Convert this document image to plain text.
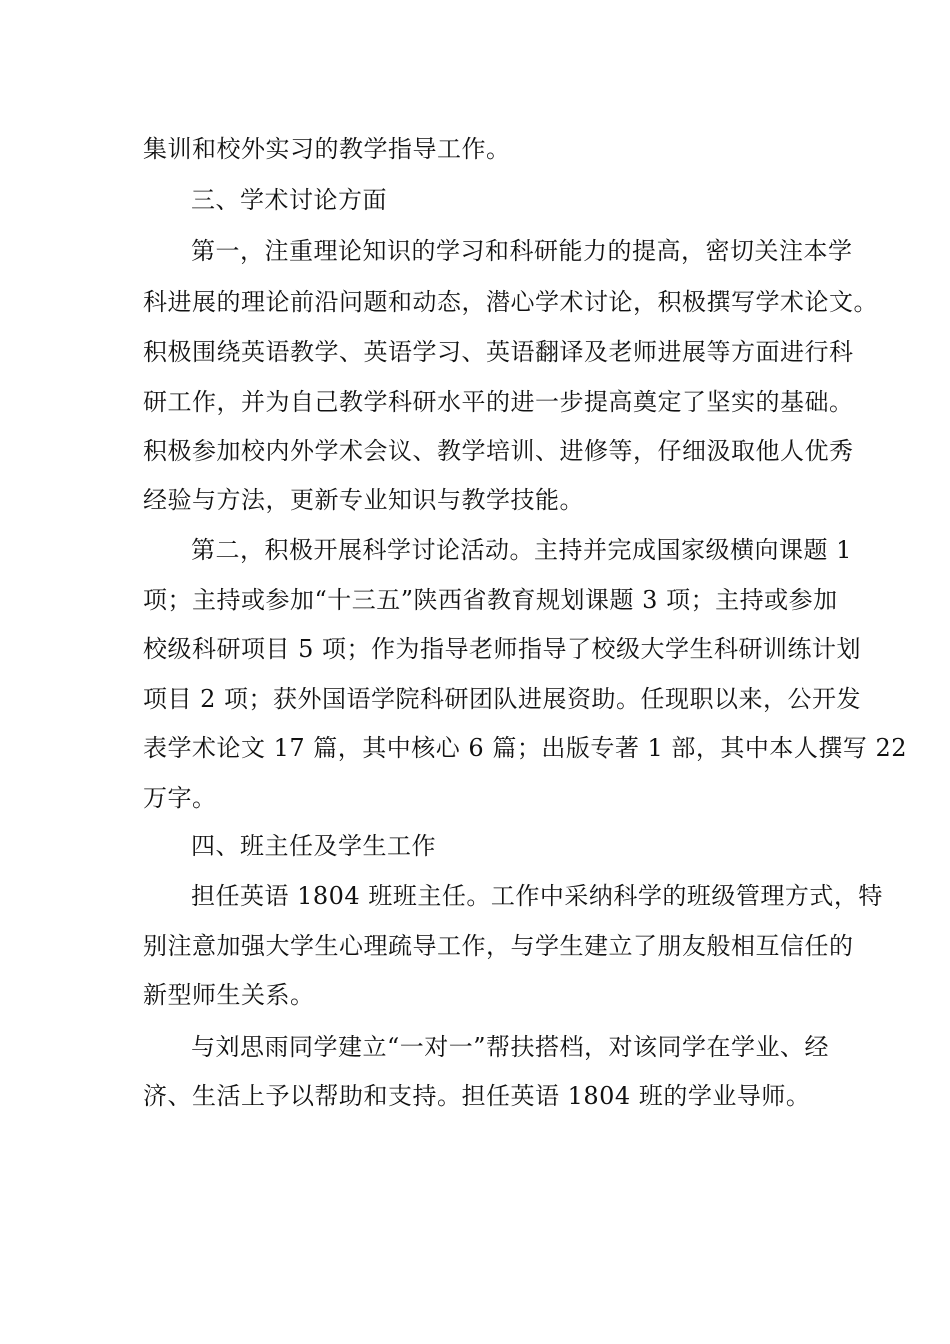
集训和校外实习的教学指导工作。
三、学术讨论方面
第一，注重理论知识的学习和科研能力的提高，密切关注本学
科进展的理论前沿问题和动态，潜心学术讨论，积极撰写学术论文。
积极围绕英语教学、英语学习、英语翻译及老师进展等方面进行科
研工作，并为自己教学科研水平的进一步提高奠定了坚实的基础。
积极参加校内外学术会议、教学培训、进修等，仔细汲取他人优秀
经验与方法，更新专业知识与教学技能。
第二，积极开展科学讨论活动。主持并完成国家级横向课题 1
项；主持或参加“十三五”陕西省教育规划课题 3 项；主持或参加
校级科研项目 5 项；作为指导老师指导了校级大学生科研训练计划
项目 2 项；获外国语学院科研团队进展资助。任现职以来，公开发
表学术论文 17 篇，其中核心 6 篇；出版专著 1 部，其中本人撰写 22
万字。
四、班主任及学生工作
担任英语 1804 班班主任。工作中采纳科学的班级管理方式，特
别注意加强大学生心理疏导工作，与学生建立了朋友般相互信任的
新型师生关系。
与刘思雨同学建立“一对一”帮扶搭档，对该同学在学业、经
济、生活上予以帮助和支持。担任英语 1804 班的学业导师。
